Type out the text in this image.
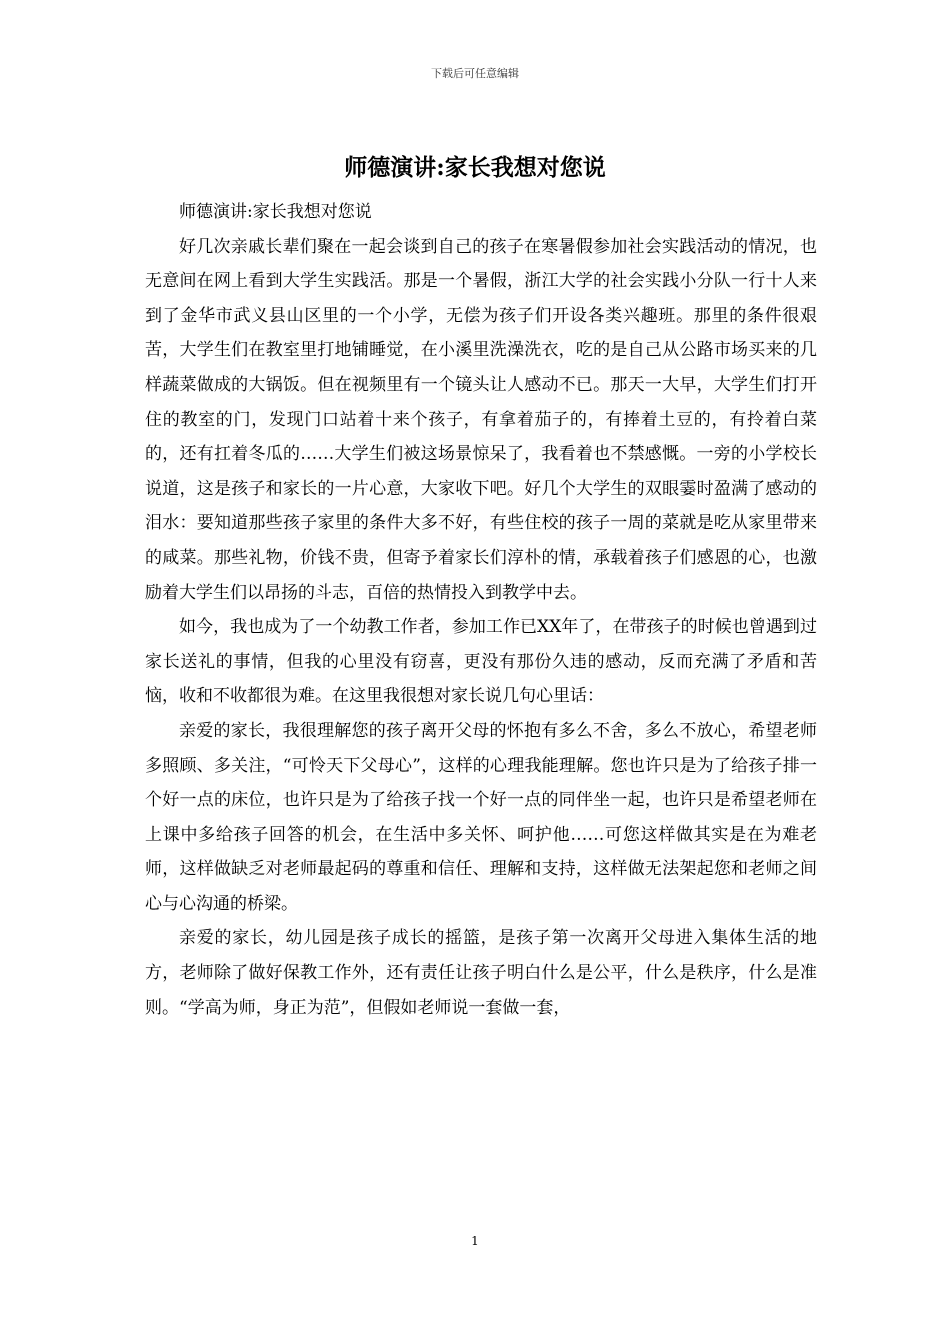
下载后可任意编辑
师德演讲:家长我想对您说

师德演讲:家长我想对您说

好几次亲戚长辈们聚在一起会谈到自己的孩子在寒暑假参加社会实践活动的情况，也无意间在网上看到大学生实践活。那是一个暑假，浙江大学的社会实践小分队一行十人来到了金华市武义县山区里的一个小学，无偿为孩子们开设各类兴趣班。那里的条件很艰苦，大学生们在教室里打地铺睡觉，在小溪里洗澡洗衣，吃的是自己从公路市场买来的几样蔬菜做成的大锅饭。但在视频里有一个镜头让人感动不已。那天一大早，大学生们打开住的教室的门，发现门口站着十来个孩子，有拿着茄子的，有捧着土豆的，有拎着白菜的，还有扛着冬瓜的……大学生们被这场景惊呆了，我看着也不禁感慨。一旁的小学校长说道，这是孩子和家长的一片心意，大家收下吧。好几个大学生的双眼霎时盈满了感动的泪水：要知道那些孩子家里的条件大多不好，有些住校的孩子一周的菜就是吃从家里带来的咸菜。那些礼物，价钱不贵，但寄予着家长们淳朴的情，承载着孩子们感恩的心，也激励着大学生们以昂扬的斗志，百倍的热情投入到教学中去。

如今，我也成为了一个幼教工作者，参加工作已XX年了，在带孩子的时候也曾遇到过家长送礼的事情，但我的心里没有窃喜，更没有那份久违的感动，反而充满了矛盾和苦恼，收和不收都很为难。在这里我很想对家长说几句心里话：

亲爱的家长，我很理解您的孩子离开父母的怀抱有多么不舍，多么不放心，希望老师多照顾、多关注，“可怜天下父母心”，这样的心理我能理解。您也许只是为了给孩子排一个好一点的床位，也许只是为了给孩子找一个好一点的同伴坐一起，也许只是希望老师在上课中多给孩子回答的机会，在生活中多关怀、呵护他……可您这样做其实是在为难老师，这样做缺乏对老师最起码的尊重和信任、理解和支持，这样做无法架起您和老师之间心与心沟通的桥梁。

亲爱的家长，幼儿园是孩子成长的摇篮，是孩子第一次离开父母进入集体生活的地方，老师除了做好保教工作外，还有责任让孩子明白什么是公平，什么是秩序，什么是准则。“学高为师，身正为范”，但假如老师说一套做一套，

1
